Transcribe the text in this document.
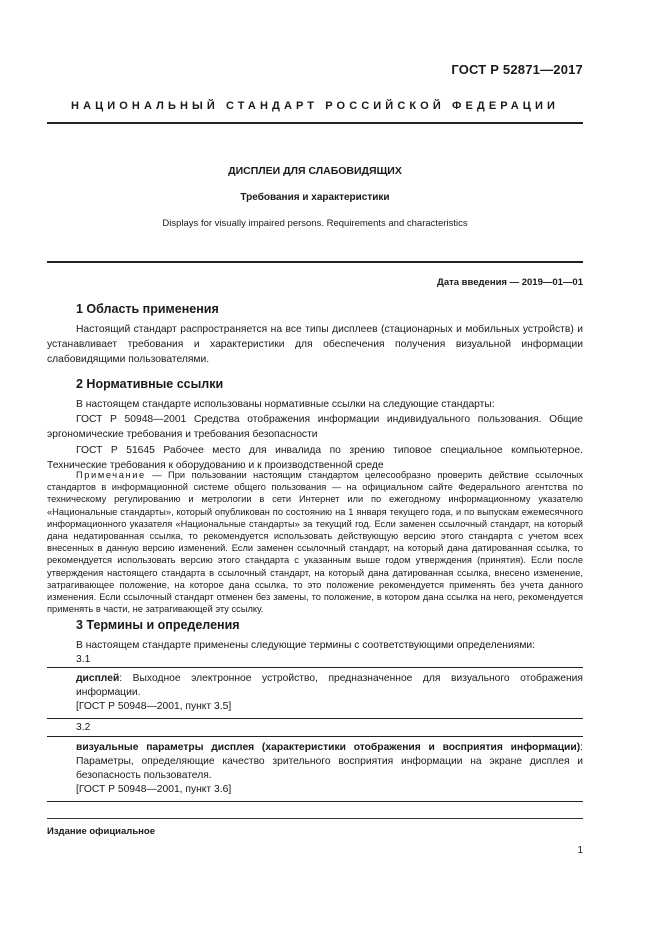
ГОСТ Р 52871—2017
НАЦИОНАЛЬНЫЙ СТАНДАРТ РОССИЙСКОЙ ФЕДЕРАЦИИ
ДИСПЛЕИ ДЛЯ СЛАБОВИДЯЩИХ
Требования и характеристики
Displays for visually impaired persons. Requirements and characteristics
Дата введения — 2019—01—01
1 Область применения

Настоящий стандарт распространяется на все типы дисплеев (стационарных и мобильных устройств) и устанавливает требования и характеристики для обеспечения получения визуальной информации слабовидящими пользователями.

2 Нормативные ссылки

В настоящем стандарте использованы нормативные ссылки на следующие стандарты:

ГОСТ Р 50948—2001 Средства отображения информации индивидуального пользования. Общие эргономические требования и требования безопасности

ГОСТ Р 51645 Рабочее место для инвалида по зрению типовое специальное компьютерное. Технические требования к оборудованию и к производственной среде

Примечание — При пользовании настоящим стандартом целесообразно проверить действие ссылочных стандартов в информационной системе общего пользования — на официальном сайте Федерального агентства по техническому регулированию и метрологии в сети Интернет или по ежегодному информационному указателю «Национальные стандарты», который опубликован по состоянию на 1 января текущего года, и по выпускам ежемесячного информационного указателя «Национальные стандарты» за текущий год. Если заменен ссылочный стандарт, на который дана недатированная ссылка, то рекомендуется использовать действующую версию этого стандарта с учетом всех внесенных в данную версию изменений. Если заменен ссылочный стандарт, на который дана датированная ссылка, то рекомендуется использовать версию этого стандарта с указанным выше годом утверждения (принятия). Если после утверждения настоящего стандарта в ссылочный стандарт, на который дана датированная ссылка, внесено изменение, затрагивающее положение, на которое дана ссылка, то это положение рекомендуется применять без учета данного изменения. Если ссылочный стандарт отменен без замены, то положение, в котором дана ссылка на него, рекомендуется применять в части, не затрагивающей эту ссылку.

3 Термины и определения

В настоящем стандарте применены следующие термины с соответствующими определениями:

3.1
дисплей: Выходное электронное устройство, предназначенное для визуального отображения информации.
[ГОСТ Р 50948—2001, пункт 3.5]
3.2
визуальные параметры дисплея (характеристики отображения и восприятия информации): Параметры, определяющие качество зрительного восприятия информации на экране дисплея и безопасность пользователя.
[ГОСТ Р 50948—2001, пункт 3.6]
Издание официальное
1
